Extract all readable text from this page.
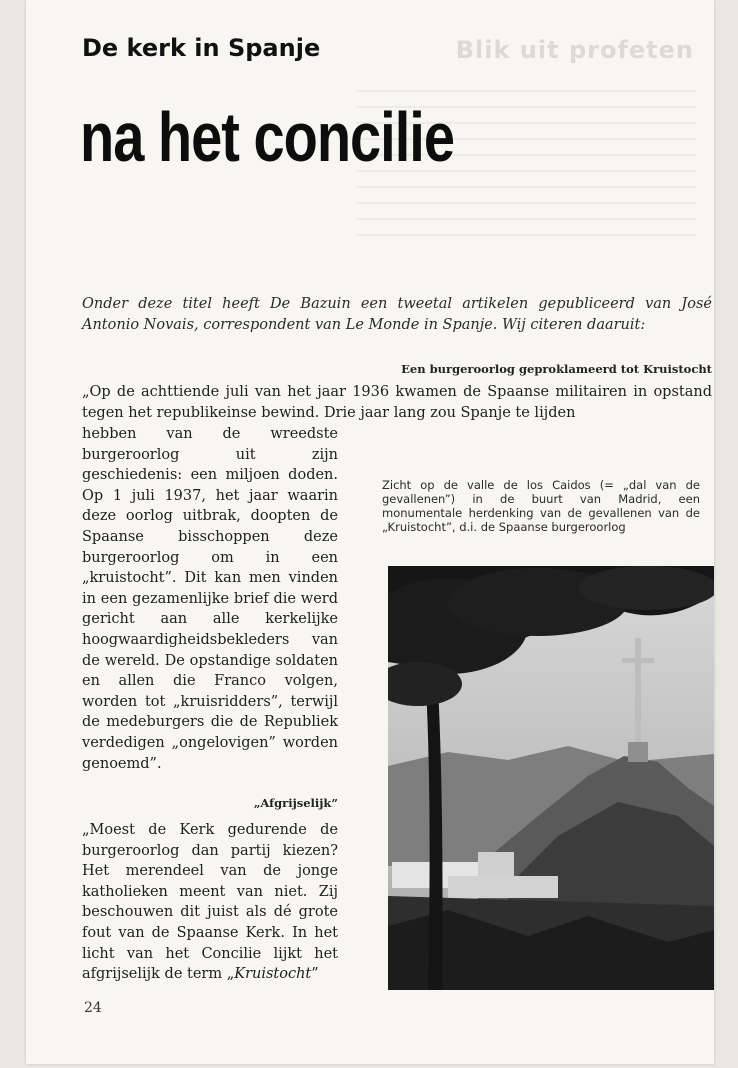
Blik uit profeten
De kerk in Spanje
na het concilie
Onder deze titel heeft De Bazuin een tweetal artikelen gepubliceerd van José Antonio Novais, correspondent van Le Monde in Spanje. Wij citeren daaruit:
Een burgeroorlog geproklameerd tot Kruistocht
„Op de achttiende juli van het jaar 1936 kwamen de Spaanse militairen in opstand tegen het republikeinse bewind. Drie jaar lang zou Spanje te lijden
hebben van de wreedste burgeroorlog uit zijn geschiedenis: een miljoen doden. Op 1 juli 1937, het jaar waarin deze oorlog uitbrak, doopten de Spaanse bisschoppen deze burgeroorlog om in een „kruistocht”. Dit kan men vinden in een gezamenlijke brief die werd gericht aan alle kerkelijke hoogwaardigheidsbekleders van de wereld. De opstandige soldaten en allen die Franco volgen, worden tot „kruisridders”, terwijl de medeburgers die de Republiek verdedigen „ongelovigen” worden genoemd”.
„Afgrijselijk”
„Moest de Kerk gedurende de burgeroorlog dan partij kiezen? Het merendeel van de jonge katholieken meent van niet. Zij beschouwen dit juist als dé grote fout van de Spaanse Kerk. In het licht van het Concilie lijkt het afgrijselijk de term „Kruistocht”
Zicht op de valle de los Caidos (= „dal van de gevallenen”) in de buurt van Madrid, een monumentale herdenking van de gevallenen van de „Kruistocht”, d.i. de Spaanse burgeroorlog
24
